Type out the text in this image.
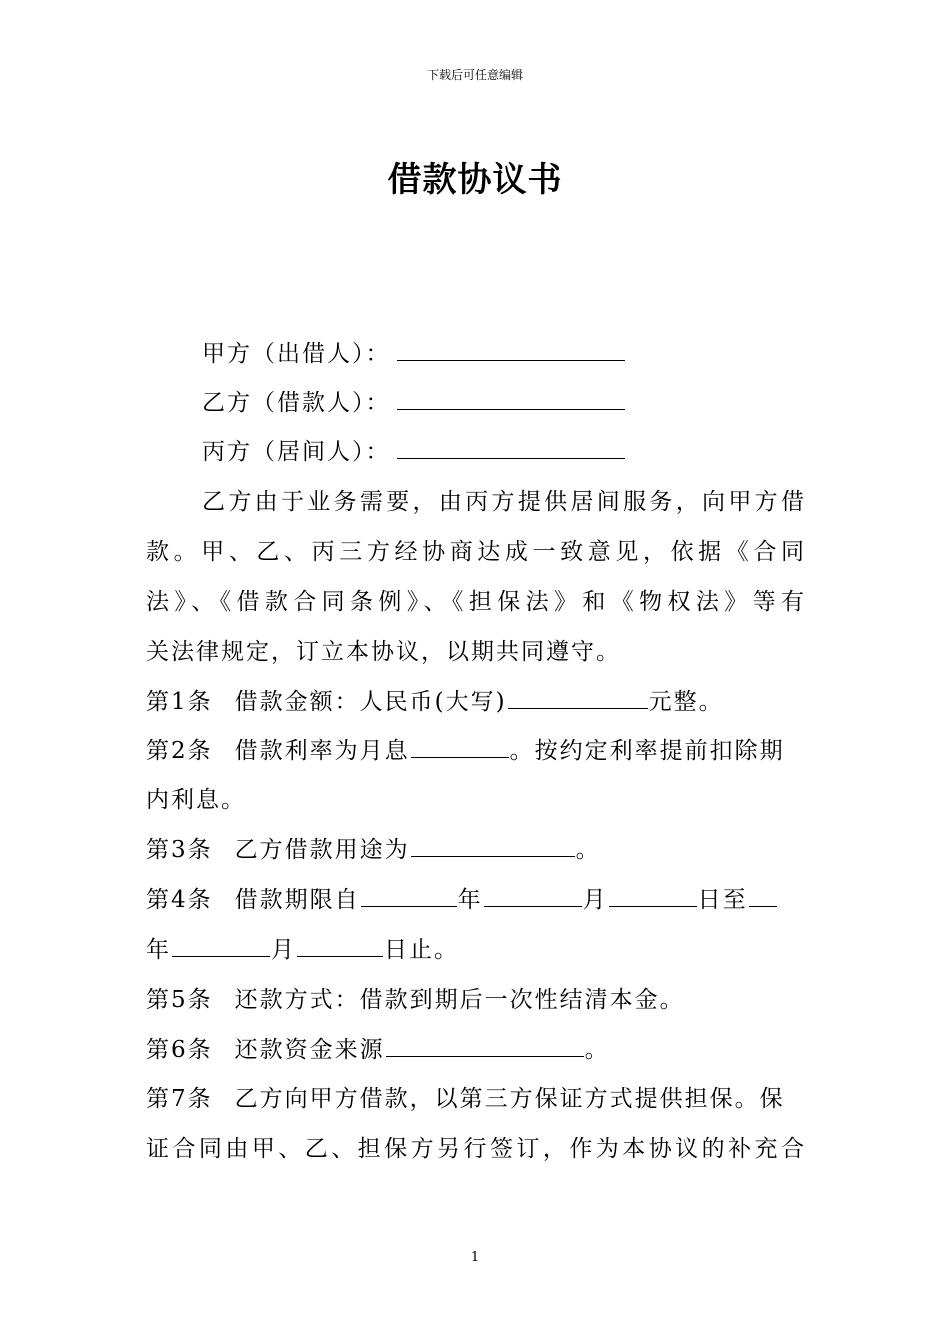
下载后可任意编辑
借款协议书
甲方（出借人）：
乙方（借款人）：
丙方（居间人）：
乙方由于业务需要，由丙方提供居间服务，向甲方借
款。甲、乙、丙三方经协商达成一致意见，依据《合同
法》、《借款合同条例》、《担保法》和《物权法》等有
关法律规定，订立本协议，以期共同遵守。
第1条 借款金额：人民币(大写)	元整。
第2条 借款利率为月息	。按约定利率提前扣除期
内利息。
第3条 乙方借款用途为	。
第4条 借款期限自	年	月	日至
年	月	日止。
第5条 还款方式：借款到期后一次性结清本金。
第6条 还款资金来源	。
第7条 乙方向甲方借款，以第三方保证方式提供担保。保
证合同由甲、乙、担保方另行签订，作为本协议的补充合
1
